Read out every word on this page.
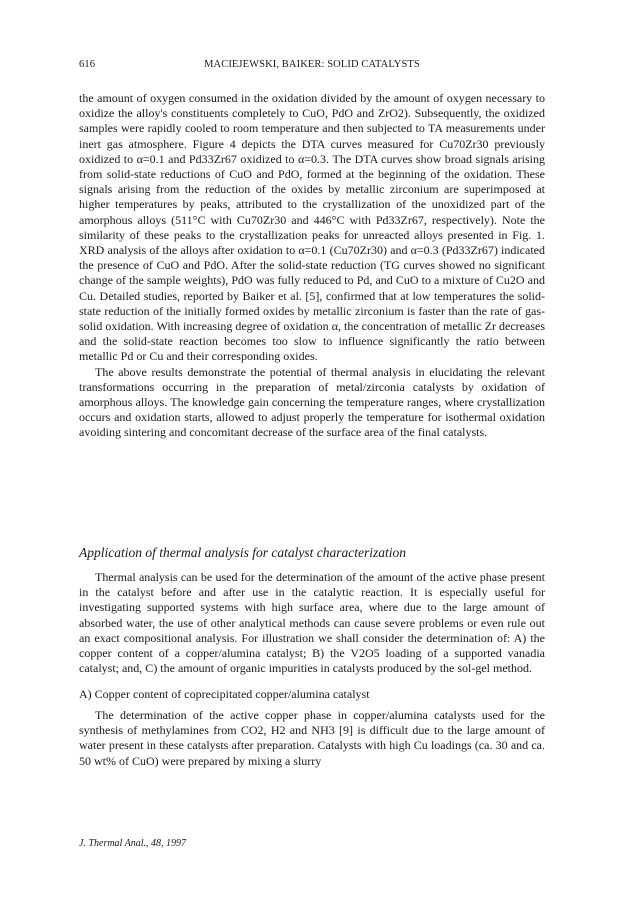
616	MACIEJEWSKI, BAIKER: SOLID CATALYSTS

the amount of oxygen consumed in the oxidation divided by the amount of oxygen necessary to oxidize the alloy's constituents completely to CuO, PdO and ZrO2). Subsequently, the oxidized samples were rapidly cooled to room temperature and then subjected to TA measurements under inert gas atmosphere. Figure 4 depicts the DTA curves measured for Cu70Zr30 previously oxidized to α=0.1 and Pd33Zr67 oxidized to α=0.3. The DTA curves show broad signals arising from solid-state reductions of CuO and PdO, formed at the beginning of the oxidation. These signals arising from the reduction of the oxides by metallic zirconium are superimposed at higher temperatures by peaks, attributed to the crystallization of the unoxidized part of the amorphous alloys (511°C with Cu70Zr30 and 446°C with Pd33Zr67, respectively). Note the similarity of these peaks to the crystallization peaks for unreacted alloys presented in Fig. 1. XRD analysis of the alloys after oxidation to α=0.1 (Cu70Zr30) and α=0.3 (Pd33Zr67) indicated the presence of CuO and PdO. After the solid-state reduction (TG curves showed no significant change of the sample weights), PdO was fully reduced to Pd, and CuO to a mixture of Cu2O and Cu. Detailed studies, reported by Baiker et al. [5], confirmed that at low temperatures the solid-state reduction of the initially formed oxides by metallic zirconium is faster than the rate of gas-solid oxidation. With increasing degree of oxidation α, the concentration of metallic Zr decreases and the solid-state reaction becomes too slow to influence significantly the ratio between metallic Pd or Cu and their corresponding oxides.

The above results demonstrate the potential of thermal analysis in elucidating the relevant transformations occurring in the preparation of metal/zirconia catalysts by oxidation of amorphous alloys. The knowledge gain concerning the temperature ranges, where crystallization occurs and oxidation starts, allowed to adjust properly the temperature for isothermal oxidation avoiding sintering and concomitant decrease of the surface area of the final catalysts.

Application of thermal analysis for catalyst characterization

Thermal analysis can be used for the determination of the amount of the active phase present in the catalyst before and after use in the catalytic reaction. It is especially useful for investigating supported systems with high surface area, where due to the large amount of absorbed water, the use of other analytical methods can cause severe problems or even rule out an exact compositional analysis. For illustration we shall consider the determination of: A) the copper content of a copper/alumina catalyst; B) the V2O5 loading of a supported vanadia catalyst; and, C) the amount of organic impurities in catalysts produced by the sol-gel method.

A) Copper content of coprecipitated copper/alumina catalyst

The determination of the active copper phase in copper/alumina catalysts used for the synthesis of methylamines from CO2, H2 and NH3 [9] is difficult due to the large amount of water present in these catalysts after preparation. Catalysts with high Cu loadings (ca. 30 and ca. 50 wt% of CuO) were prepared by mixing a slurry

J. Thermal Anal., 48, 1997
